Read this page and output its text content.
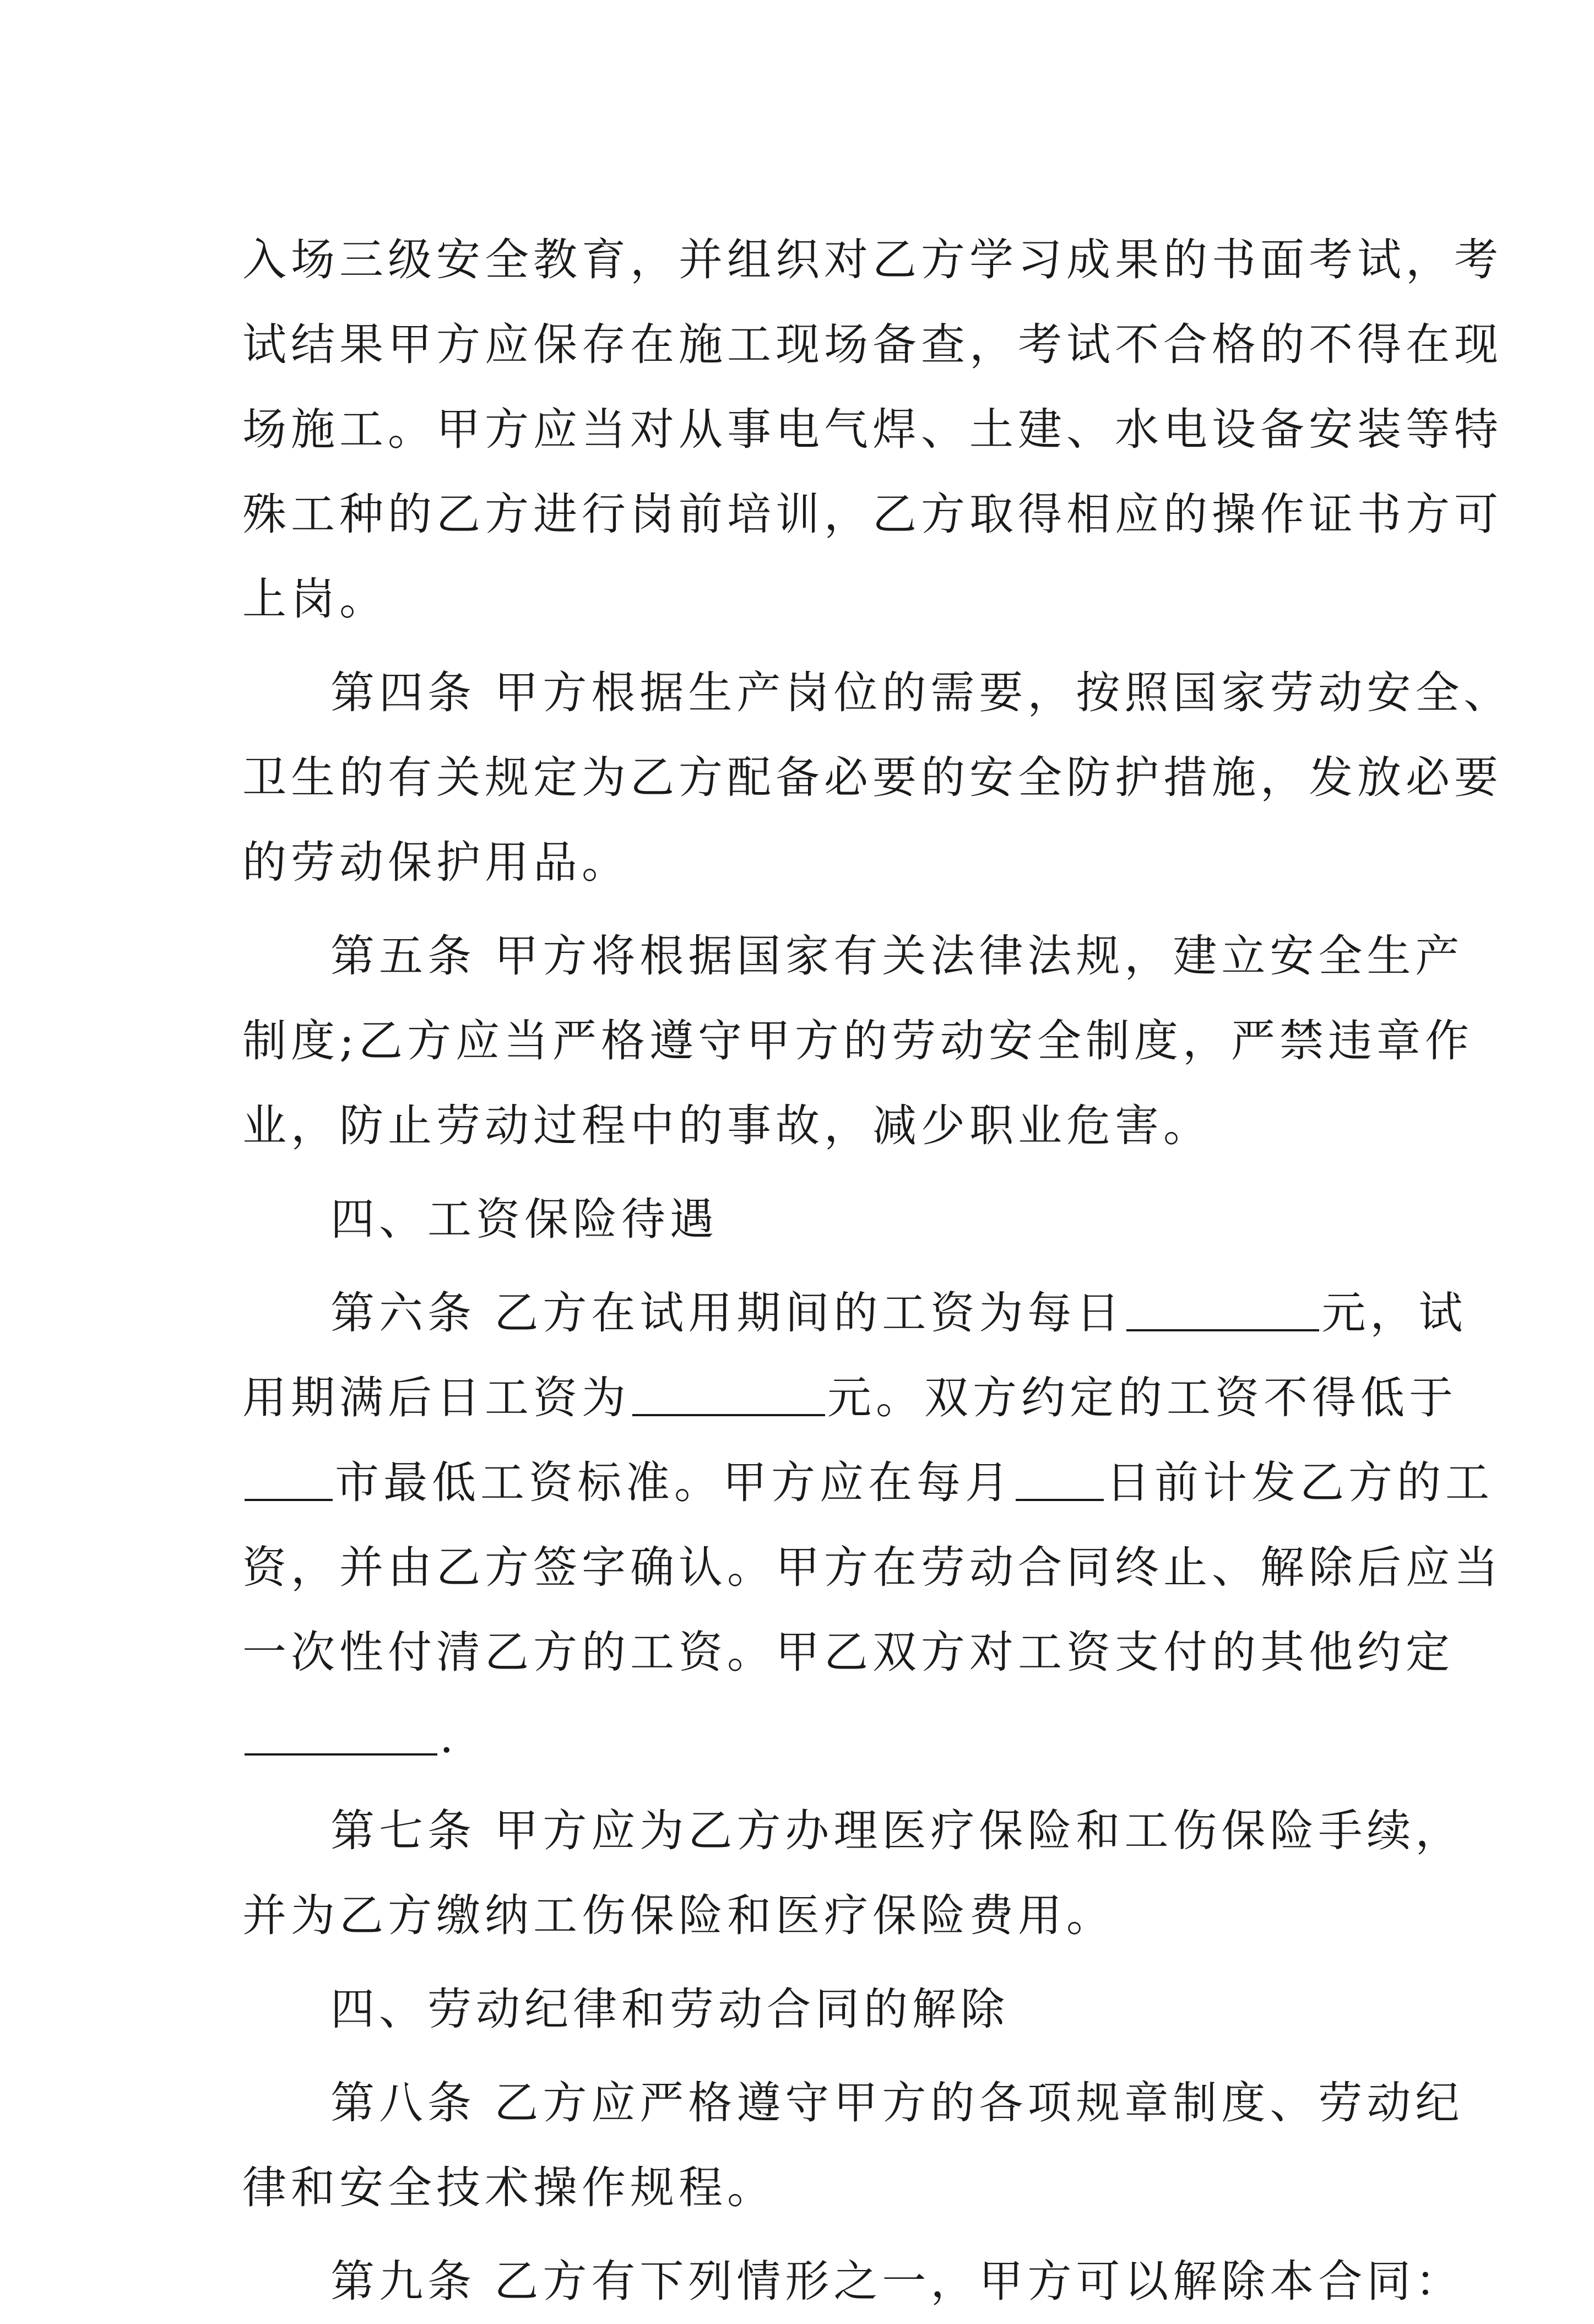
入场三级安全教育，并组织对乙方学习成果的书面考试，考
试结果甲方应保存在施工现场备查，考试不合格的不得在现
场施工。甲方应当对从事电气焊、土建、水电设备安装等特
殊工种的乙方进行岗前培训，乙方取得相应的操作证书方可
上岗。
第四条 甲方根据生产岗位的需要，按照国家劳动安全、
卫生的有关规定为乙方配备必要的安全防护措施，发放必要
的劳动保护用品。
第五条 甲方将根据国家有关法律法规，建立安全生产
制度;乙方应当严格遵守甲方的劳动安全制度，严禁违章作
业，防止劳动过程中的事故，减少职业危害。
四、工资保险待遇
第六条 乙方在试用期间的工资为每日	元，试
用期满后日工资为	元。双方约定的工资不得低于
市最低工资标准。甲方应在每月 日前计发乙方的工
资，并由乙方签字确认。甲方在劳动合同终止、解除后应当
一次性付清乙方的工资。甲乙双方对工资支付的其他约定
.
第七条 甲方应为乙方办理医疗保险和工伤保险手续，
并为乙方缴纳工伤保险和医疗保险费用。
四、劳动纪律和劳动合同的解除
第八条 乙方应严格遵守甲方的各项规章制度、劳动纪
律和安全技术操作规程。
第九条 乙方有下列情形之一，甲方可以解除本合同：
